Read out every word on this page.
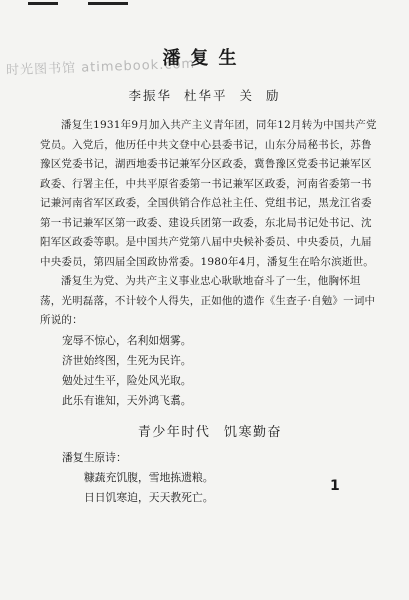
时光图书馆 atimebook.com
潘复生
李振华 杜华平 关 励

潘复生1931年9月加入共产主义青年团，同年12月转为中国共产党党员。入党后，他历任中共文登中心县委书记，山东分局秘书长，苏鲁豫区党委书记，湖西地委书记兼军分区政委，冀鲁豫区党委书记兼军区政委、行署主任，中共平原省委第一书记兼军区政委，河南省委第一书记兼河南省军区政委，全国供销合作总社主任、党组书记，黑龙江省委第一书记兼军区第一政委、建设兵团第一政委，东北局书记处书记、沈阳军区政委等职。是中国共产党第八届中央候补委员、中央委员，九届中央委员，第四届全国政协常委。1980年4月，潘复生在哈尔滨逝世。

潘复生为党、为共产主义事业忠心耿耿地奋斗了一生，他胸怀坦荡，光明磊落，不计较个人得失，正如他的遗作《生查子·自勉》一词中所说的：

宠辱不惊心，名利如烟雾。
济世始终图，生死为民许。
勉处过生平，险处风光取。
此乐有谁知，天外鸿飞翥。
青少年时代 饥寒勤奋
潘复生原诗：
糠蔬充饥腹，雪地拣遗粮。
日日饥寒迫，天天教死亡。
1
